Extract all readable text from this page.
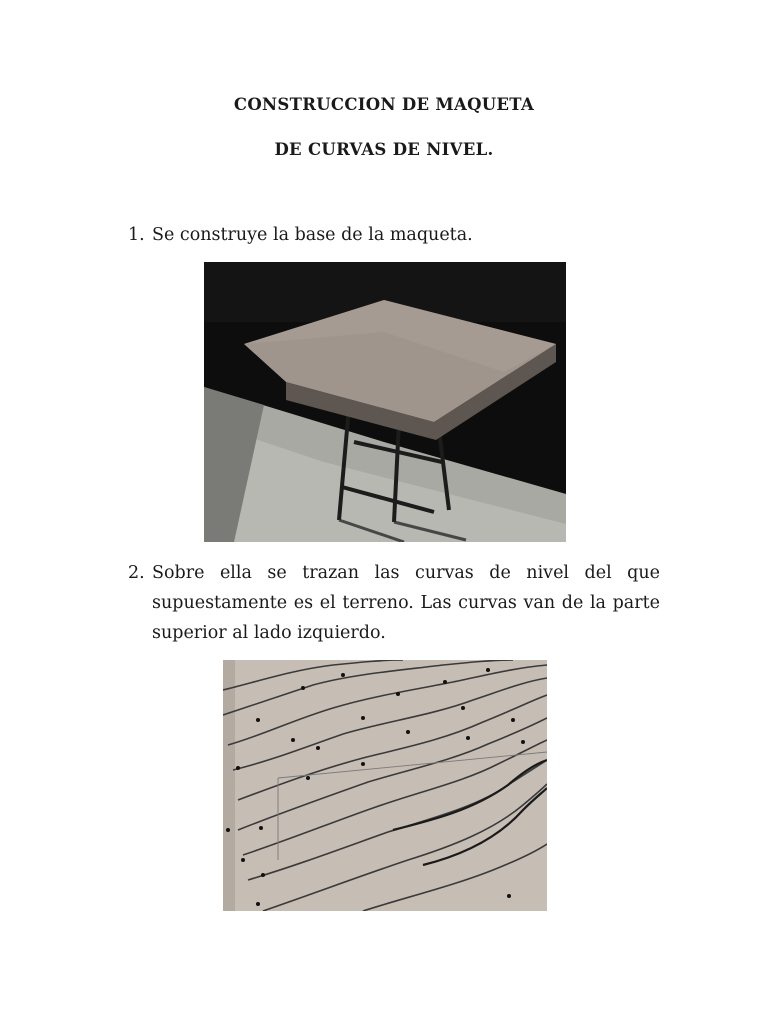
CONSTRUCCION DE MAQUETA
DE CURVAS DE NIVEL.
1. Se construye la base de la maqueta.
2. Sobre ella se trazan las curvas de nivel del que supuestamente es el terreno. Las curvas van de la parte superior al lado izquierdo.
